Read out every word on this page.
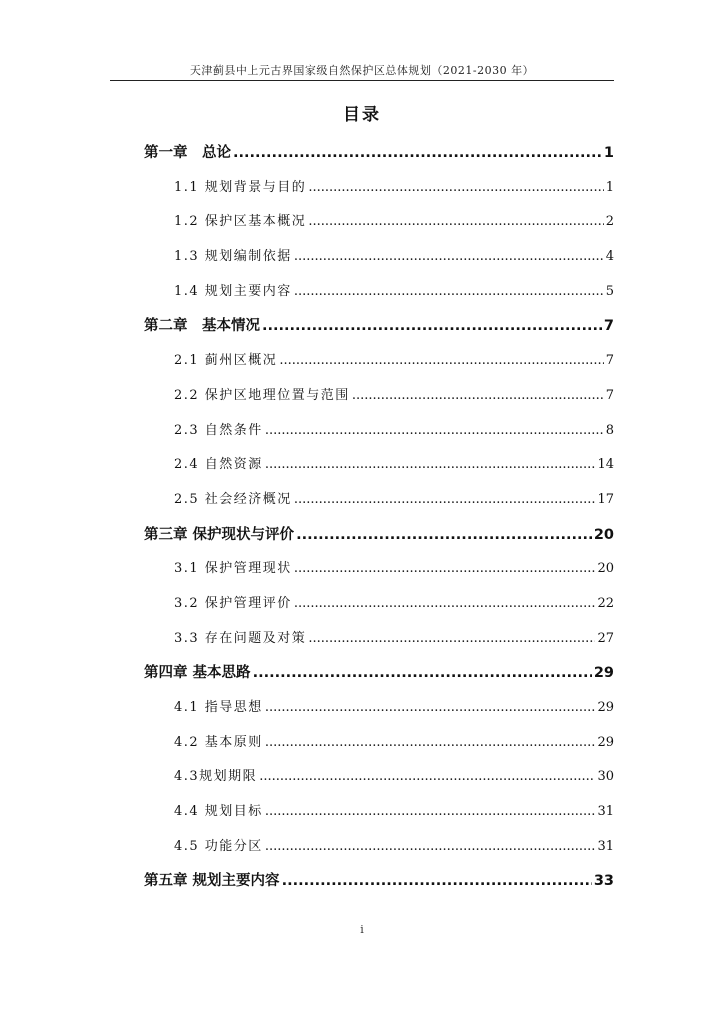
天津蓟县中上元古界国家级自然保护区总体规划（2021-2030 年）
目录
第一章　总论 .....	1
1.1 规划背景与目的 .....	1
1.2 保护区基本概况 .....	2
1.3 规划编制依据 .....	4
1.4 规划主要内容 .....	5
第二章　基本情况 .....	7
2.1 蓟州区概况 .....	7
2.2 保护区地理位置与范围 .....	7
2.3 自然条件 .....	8
2.4 自然资源 .....	14
2.5 社会经济概况 .....	17
第三章 保护现状与评价 .....	20
3.1 保护管理现状 .....	20
3.2 保护管理评价 .....	22
3.3 存在问题及对策 .....	27
第四章 基本思路 .....	29
4.1 指导思想 .....	29
4.2 基本原则 .....	29
4.3规划期限 .....	30
4.4 规划目标 .....	31
4.5 功能分区 .....	31
第五章 规划主要内容 .....	33
i
